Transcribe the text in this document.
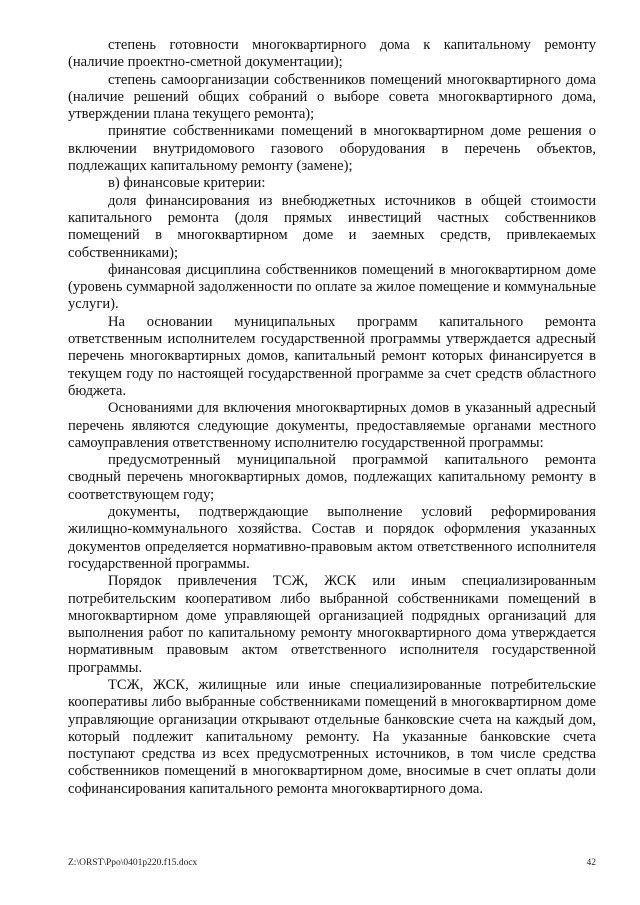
степень готовности многоквартирного дома к капитальному ремонту (наличие проектно-сметной документации);

степень самоорганизации собственников помещений многоквартирного дома (наличие решений общих собраний о выборе совета многоквартирного дома, утверждении плана текущего ремонта);

принятие собственниками помещений в многоквартирном доме решения о включении внутридомового газового оборудования в перечень объектов, подлежащих капитальному ремонту (замене);

в) финансовые критерии:

доля финансирования из внебюджетных источников в общей стоимости капитального ремонта (доля прямых инвестиций частных собственников помещений в многоквартирном доме и заемных средств, привлекаемых собственниками);

финансовая дисциплина собственников помещений в многоквартирном доме (уровень суммарной задолженности по оплате за жилое помещение и коммунальные услуги).

На основании муниципальных программ капитального ремонта ответственным исполнителем государственной программы утверждается адресный перечень многоквартирных домов, капитальный ремонт которых финансируется в текущем году по настоящей государственной программе за счет средств областного бюджета.

Основаниями для включения многоквартирных домов в указанный адресный перечень являются следующие документы, предоставляемые органами местного самоуправления ответственному исполнителю государственной программы:

предусмотренный муниципальной программой капитального ремонта сводный перечень многоквартирных домов, подлежащих капитальному ремонту в соответствующем году;

документы, подтверждающие выполнение условий реформирования жилищно-коммунального хозяйства. Состав и порядок оформления указанных документов определяется нормативно-правовым актом ответственного исполнителя государственной программы.

Порядок привлечения ТСЖ, ЖСК или иным специализированным потребительским кооперативом либо выбранной собственниками помещений в многоквартирном доме управляющей организацией подрядных организаций для выполнения работ по капитальному ремонту многоквартирного дома утверждается нормативным правовым актом ответственного исполнителя государственной программы.

ТСЖ, ЖСК, жилищные или иные специализированные потребительские кооперативы либо выбранные собственниками помещений в многоквартирном доме управляющие организации открывают отдельные банковские счета на каждый дом, который подлежит капитальному ремонту. На указанные банковские счета поступают средства из всех предусмотренных источников, в том числе средства собственников помещений в многоквартирном доме, вносимые в счет оплаты доли софинансирования капитального ремонта многоквартирного дома.

Z:\ORST\Ppo\0401p220.f15.docx	42
